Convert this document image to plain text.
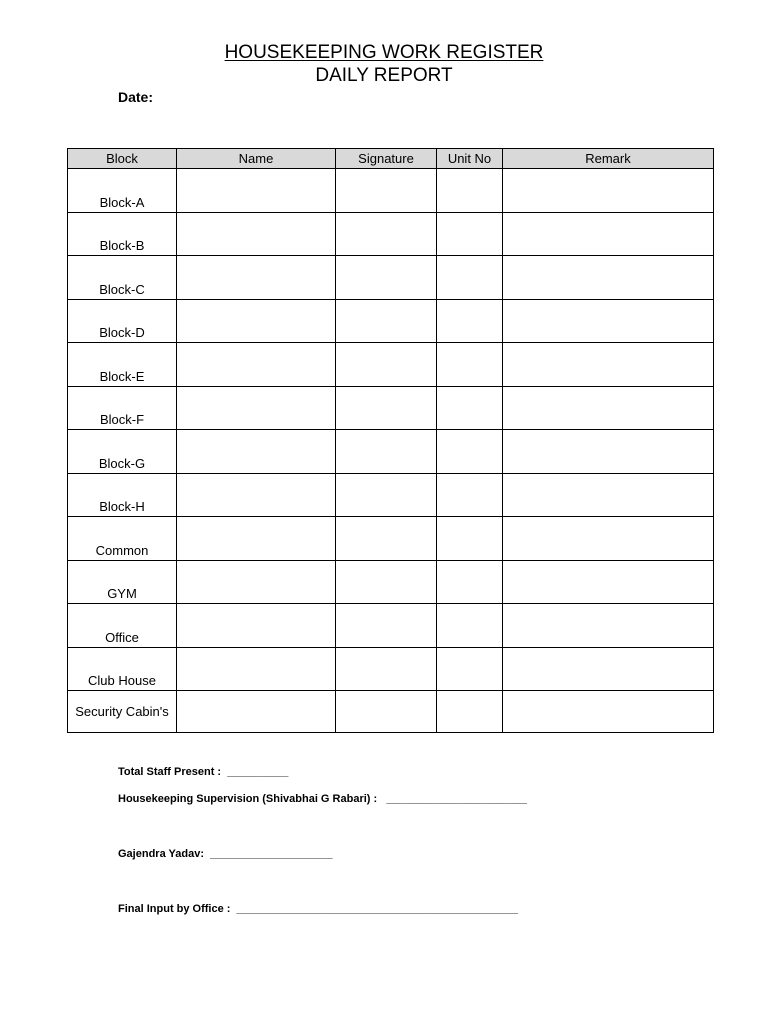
HOUSEKEEPING WORK REGISTER
DAILY REPORT
Date:
Block	Name	Signature	Unit No	Remark
Block-A				
Block-B				
Block-C				
Block-D				
Block-E				
Block-F				
Block-G				
Block-H				
Common				
GYM				
Office				
Club House				
Security Cabin's				
Total Staff Present :  __________
Housekeeping Supervision (Shivabhai G Rabari) :   _______________________
Gajendra Yadav:  ____________________
Final Input by Office :  ______________________________________________
